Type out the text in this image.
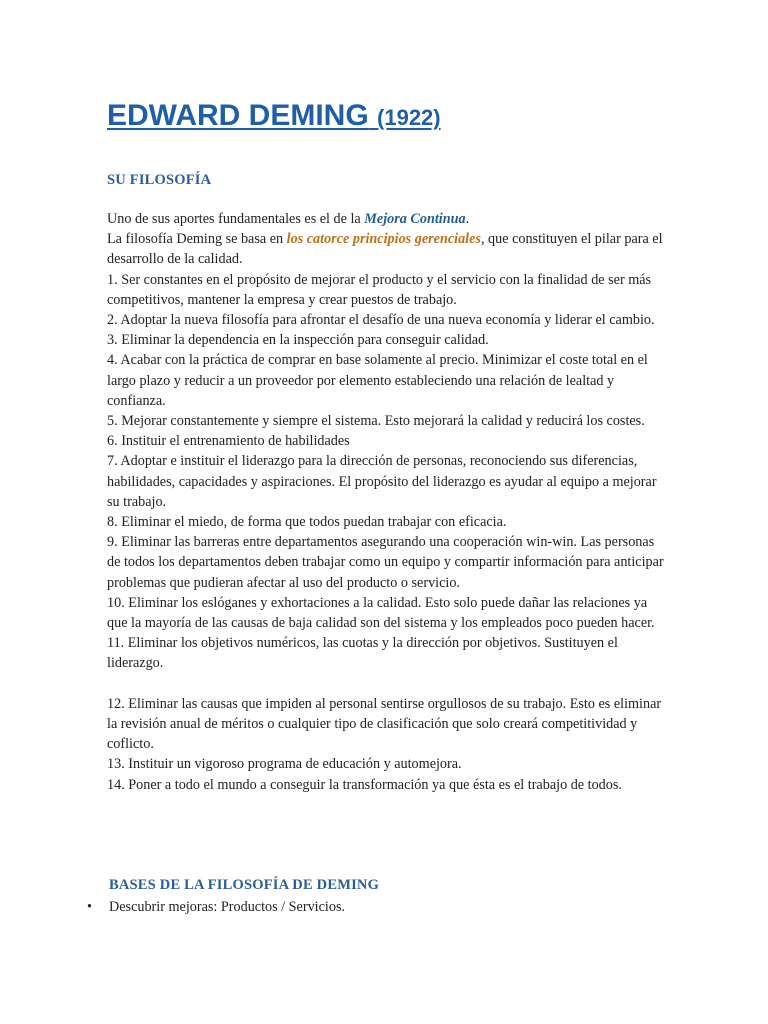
EDWARD DEMING (1922)
SU FILOSOFÍA

Uno de sus aportes fundamentales es el de la Mejora Continua.

La filosofía Deming se basa en los catorce principios gerenciales, que constituyen el pilar para el desarrollo de la calidad.

1. Ser constantes en el propósito de mejorar el producto y el servicio con la finalidad de ser más competitivos, mantener la empresa y crear puestos de trabajo.

2. Adoptar la nueva filosofía para afrontar el desafío de una nueva economía y liderar el cambio.

3. Eliminar la dependencia en la inspección para conseguir calidad.

4. Acabar con la práctica de comprar en base solamente al precio. Minimizar el coste total en el largo plazo y reducir a un proveedor por elemento estableciendo una relación de lealtad y confianza.

5. Mejorar constantemente y siempre el sistema. Esto mejorará la calidad y reducirá los costes.

6. Instituir el entrenamiento de habilidades

7. Adoptar e instituir el liderazgo para la dirección de personas, reconociendo sus diferencias, habilidades, capacidades y aspiraciones. El propósito del liderazgo es ayudar al equipo a mejorar su trabajo.

8. Eliminar el miedo, de forma que todos puedan trabajar con eficacia.

9. Eliminar las barreras entre departamentos asegurando una cooperación win-win. Las personas de todos los departamentos deben trabajar como un equipo y compartir información para anticipar problemas que pudieran afectar al uso del producto o servicio.

10. Eliminar los eslóganes y exhortaciones a la calidad. Esto solo puede dañar las relaciones ya que la mayoría de las causas de baja calidad son del sistema y los empleados poco pueden hacer.

11. Eliminar los objetivos numéricos, las cuotas y la dirección por objetivos. Sustituyen el liderazgo.

12. Eliminar las causas que impiden al personal sentirse orgullosos de su trabajo. Esto es eliminar la revisión anual de méritos o cualquier tipo de clasificación que solo creará competitividad y coflicto.

13. Instituir un vigoroso programa de educación y automejora.

14. Poner a todo el mundo a conseguir la transformación ya que ésta es el trabajo de todos.

BASES DE LA FILOSOFÍA DE DEMING
• Descubrir mejoras: Productos / Servicios.
